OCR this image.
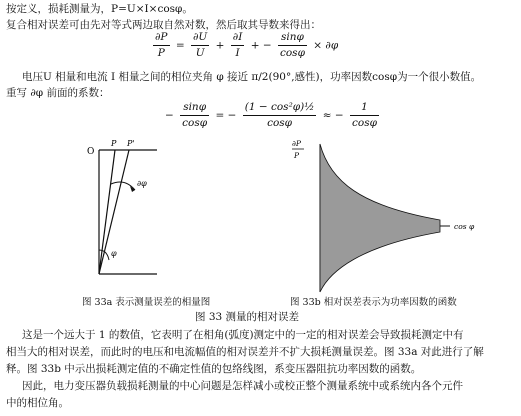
按定义，损耗测量为，P=U×I×cosφ。
复合相对误差可由先对等式两边取自然对数，然后取其导数来得出：
$\frac{\partial P}{P} = \frac{\partial U}{U} + \frac{\partial I}{I}$ + − $\frac{\sin\varphi}{\cos\varphi} \times \partial\varphi$
电压U 相量和电流 I 相量之间的相位夹角 φ 接近 π/2(90°,感性)，功率因数cosφ为一个很小数值。
重写 ∂φ 前面的系数：
− $\frac{\sin\varphi}{\cos\varphi}$ = − $\frac{\text{(1 − cos²φ)½}}{\cos\varphi}$ ≈ − $\frac{1}{\cos\varphi}$
O
P P'
∂φ
φ
图 33a 表示测量误差的相量图
∂P
P
cos φ
图 33b 相对误差表示为功率因数的函数
图 33 测量的相对误差
这是一个远大于 1 的数值，它表明了在相角(弧度)测定中的一定的相对误差会导致损耗测定中有
相当大的相对误差，而此时的电压和电流幅值的相对误差并不扩大损耗测量误差。图 33a 对此进行了解
释。图 33b 中示出损耗测定值的不确定性值的包络线图，系变压器阻抗功率因数的函数。
因此，电力变压器负载损耗测量的中心问题是怎样减小或校正整个测量系统中或系统内各个元件
中的相位角。
